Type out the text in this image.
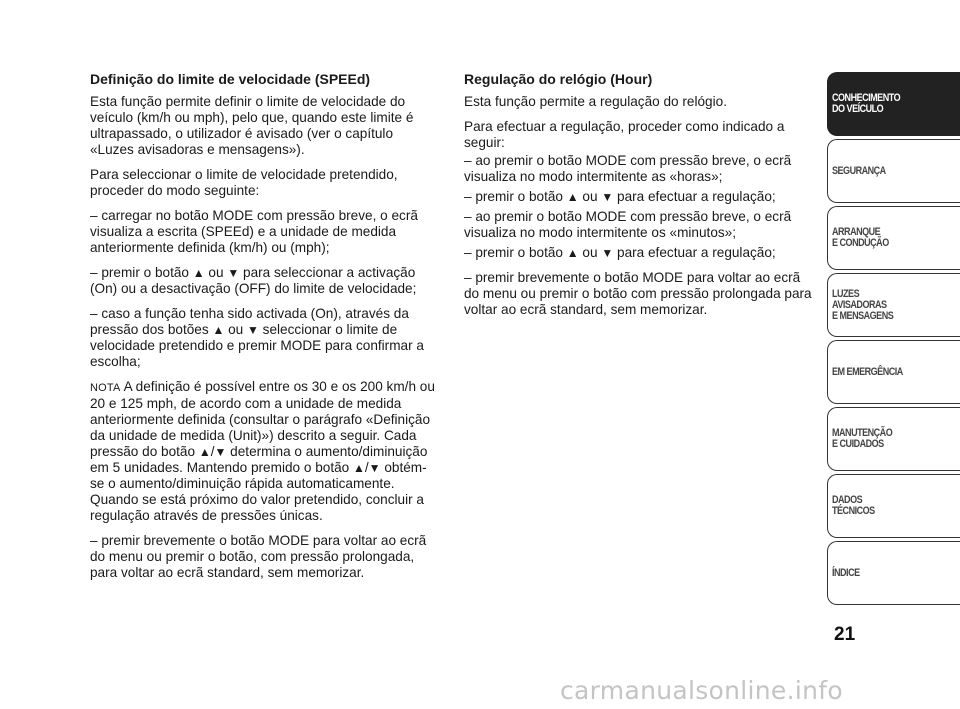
Definição do limite de velocidade (SPEEd)

Esta função permite definir o limite de velocidade do veículo (km/h ou mph), pelo que, quando este limite é ultrapassado, o utilizador é avisado (ver o capítulo «Luzes avisadoras e mensagens»).

Para seleccionar o limite de velocidade pretendido, proceder do modo seguinte:

– carregar no botão MODE com pressão breve, o ecrã visualiza a escrita (SPEEd) e a unidade de medida anteriormente definida (km/h) ou (mph);

– premir o botão ▲ ou ▼ para seleccionar a activação (On) ou a desactivação (OFF) do limite de velocidade;

– caso a função tenha sido activada (On), através da pressão dos botões ▲ ou ▼ seleccionar o limite de velocidade pretendido e premir MODE para confirmar a escolha;

NOTA A definição é possível entre os 30 e os 200 km/h ou 20 e 125 mph, de acordo com a unidade de medida anteriormente definida (consultar o parágrafo «Definição da unidade de medida (Unit)») descrito a seguir. Cada pressão do botão ▲/▼ determina o aumento/diminuição em 5 unidades. Mantendo premido o botão ▲/▼ obtém-se o aumento/diminuição rápida automaticamente. Quando se está próximo do valor pretendido, concluir a regulação através de pressões únicas.

– premir brevemente o botão MODE para voltar ao ecrã do menu ou premir o botão, com pressão prolongada, para voltar ao ecrã standard, sem memorizar.

Regulação do relógio (Hour)

Esta função permite a regulação do relógio.

Para efectuar a regulação, proceder como indicado a seguir:

– ao premir o botão MODE com pressão breve, o ecrã visualiza no modo intermitente as «horas»;

– premir o botão ▲ ou ▼ para efectuar a regulação;

– ao premir o botão MODE com pressão breve, o ecrã visualiza no modo intermitente os «minutos»;

– premir o botão ▲ ou ▼ para efectuar a regulação;

– premir brevemente o botão MODE para voltar ao ecrã do menu ou premir o botão com pressão prolongada para voltar ao ecrã standard, sem memorizar.

CONHECIMENTO
DO VEÍCULO
SEGURANÇA
ARRANQUE
E CONDUÇÃO
LUZES
AVISADORAS
E MENSAGENS
EM EMERGÊNCIA
MANUTENÇÃO
E CUIDADOS
DADOS
TÉCNICOS
ÍNDICE
21
carmanualsonline.info
